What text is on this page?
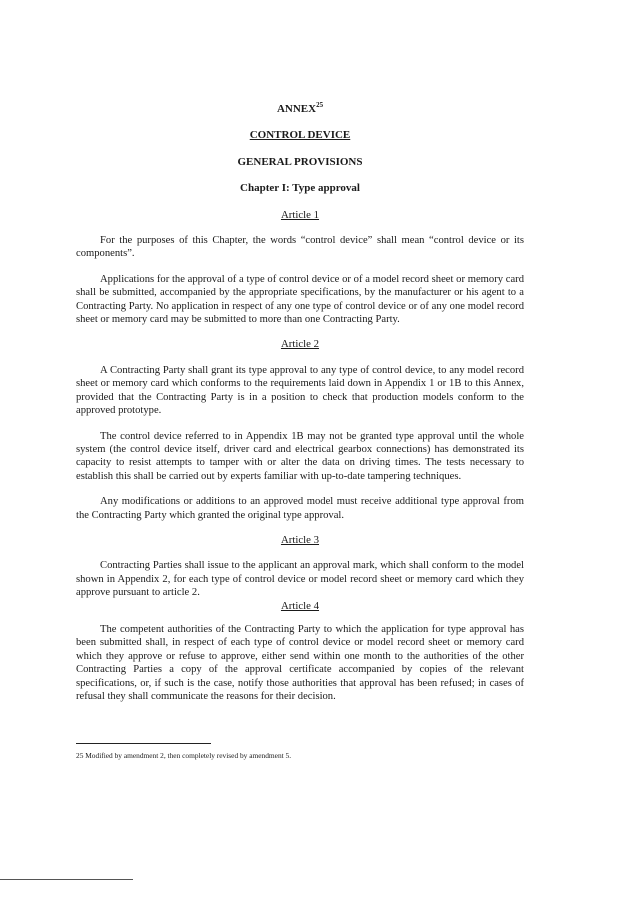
ANNEX$^{25}$

CONTROL DEVICE

GENERAL PROVISIONS

Chapter I: Type approval

Article 1

For the purposes of this Chapter, the words “control device” shall mean “control device or its components”.

Applications for the approval of a type of control device or of a model record sheet or memory card shall be submitted, accompanied by the appropriate specifications, by the manufacturer or his agent to a Contracting Party. No application in respect of any one type of control device or of any one model record sheet or memory card may be submitted to more than one Contracting Party.

Article 2

A Contracting Party shall grant its type approval to any type of control device, to any model record sheet or memory card which conforms to the requirements laid down in Appendix 1 or 1B to this Annex, provided that the Contracting Party is in a position to check that production models conform to the approved prototype.

The control device referred to in Appendix 1B may not be granted type approval until the whole system (the control device itself, driver card and electrical gearbox connections) has demonstrated its capacity to resist attempts to tamper with or alter the data on driving times. The tests necessary to establish this shall be carried out by experts familiar with up-to-date tampering techniques.

Any modifications or additions to an approved model must receive additional type approval from the Contracting Party which granted the original type approval.

Article 3

Contracting Parties shall issue to the applicant an approval mark, which shall conform to the model shown in Appendix 2, for each type of control device or model record sheet or memory card which they approve pursuant to article 2.

Article 4

The competent authorities of the Contracting Party to which the application for type approval has been submitted shall, in respect of each type of control device or model record sheet or memory card which they approve or refuse to approve, either send within one month to the authorities of the other Contracting Parties a copy of the approval certificate accompanied by copies of the relevant specifications, or, if such is the case, notify those authorities that approval has been refused; in cases of refusal they shall communicate the reasons for their decision.

25 Modified by amendment 2, then completely revised by amendment 5.
